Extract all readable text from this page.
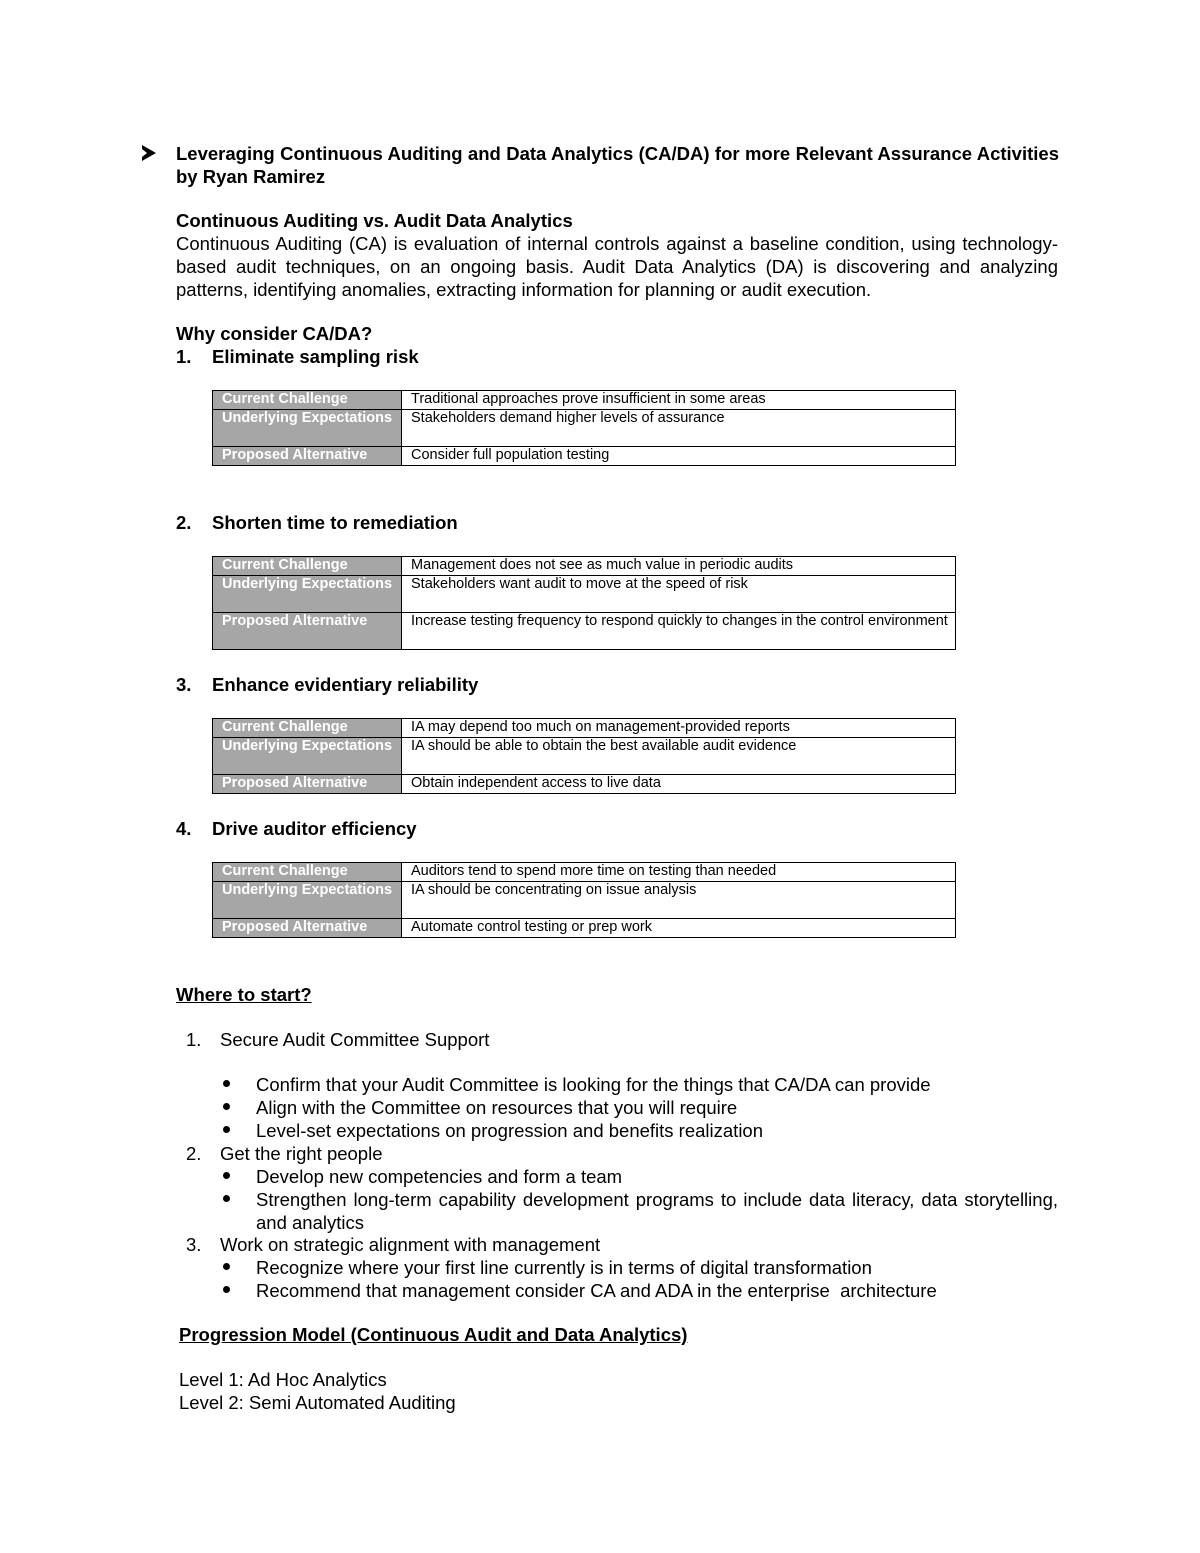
Leveraging Continuous Auditing and Data Analytics (CA/DA) for more Relevant Assurance Activities by Ryan Ramirez
Continuous Auditing vs. Audit Data Analytics
Continuous Auditing (CA) is evaluation of internal controls against a baseline condition, using technology-based audit techniques, on an ongoing basis. Audit Data Analytics (DA) is discovering and analyzing patterns, identifying anomalies, extracting information for planning or audit execution.
Why consider CA/DA?
1. Eliminate sampling risk
Current Challenge	Traditional approaches prove insufficient in some areas
Underlying Expectations	Stakeholders demand higher levels of assurance
Proposed Alternative	Consider full population testing
2. Shorten time to remediation
Current Challenge	Management does not see as much value in periodic audits
Underlying Expectations	Stakeholders want audit to move at the speed of risk
Proposed Alternative	Increase testing frequency to respond quickly to changes in the control environment
3. Enhance evidentiary reliability
Current Challenge	IA may depend too much on management-provided reports
Underlying Expectations	IA should be able to obtain the best available audit evidence
Proposed Alternative	Obtain independent access to live data
4. Drive auditor efficiency
Current Challenge	Auditors tend to spend more time on testing than needed
Underlying Expectations	IA should be concentrating on issue analysis
Proposed Alternative	Automate control testing or prep work
Where to start?
1. Secure Audit Committee Support
Confirm that your Audit Committee is looking for the things that CA/DA can provide
Align with the Committee on resources that you will require
Level-set expectations on progression and benefits realization
2. Get the right people
Develop new competencies and form a team
Strengthen long-term capability development programs to include data literacy, data storytelling, and analytics
3. Work on strategic alignment with management
Recognize where your first line currently is in terms of digital transformation
Recommend that management consider CA and ADA in the enterprise  architecture
Progression Model (Continuous Audit and Data Analytics)
Level 1: Ad Hoc Analytics
Level 2: Semi Automated Auditing
